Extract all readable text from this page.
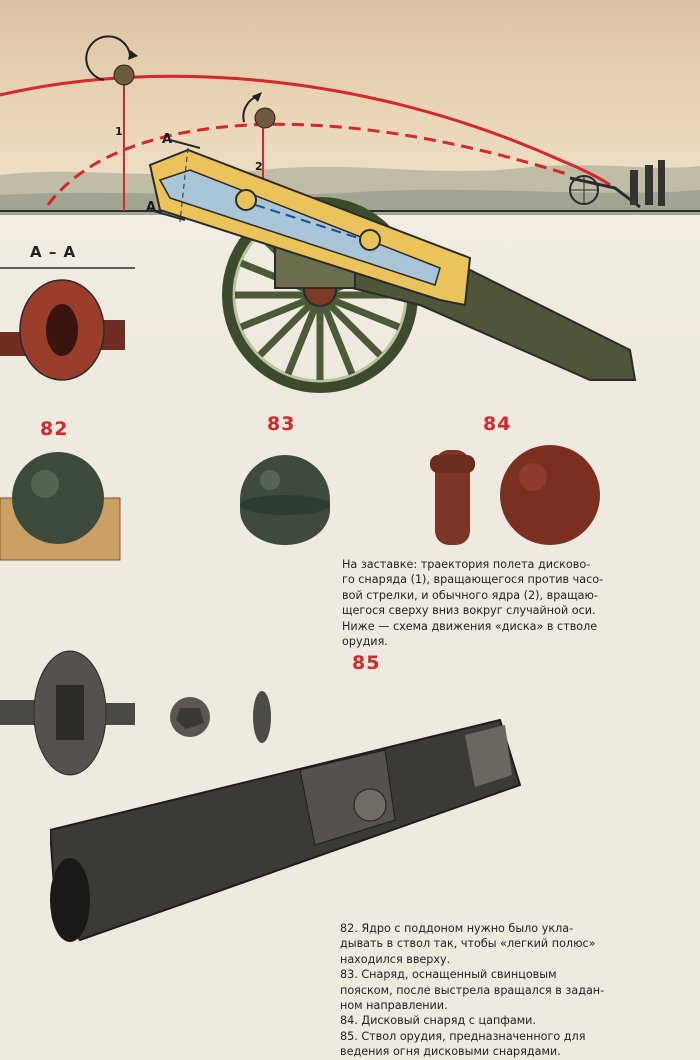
1
2
А
А
А – А
82	83	84
85

На заставке: траектория полета дисково-

го снаряда (1), вращающегося против часо-

вой стрелки, и обычного ядра (2), вращаю-

щегося сверху вниз вокруг случайной оси.

Ниже — схема движения «диска» в стволе

орудия.

82. Ядро с поддоном нужно было укла-

дывать в ствол так, чтобы «легкий полюс»

находился вверху.

83. Снаряд, оснащенный свинцовым

пояском, после выстрела вращался в задан-

ном направлении.

84. Дисковый снаряд с цапфами.

85. Ствол орудия, предназначенного для

ведения огня дисковыми снарядами.
